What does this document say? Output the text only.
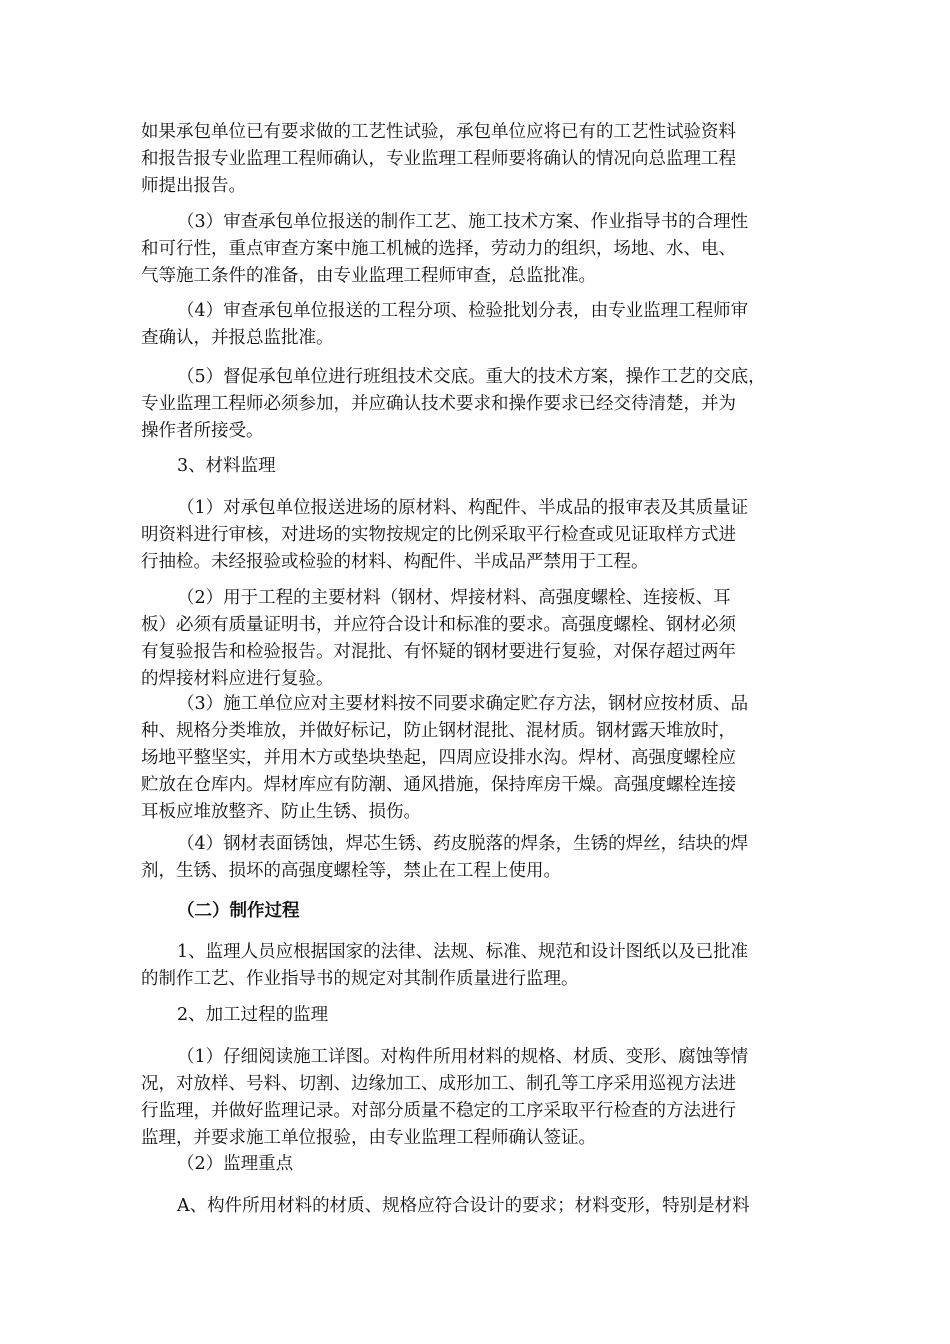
如果承包单位已有要求做的工艺性试验，承包单位应将已有的工艺性试验资料
和报告报专业监理工程师确认，专业监理工程师要将确认的情况向总监理工程
师提出报告。
（3）审查承包单位报送的制作工艺、施工技术方案、作业指导书的合理性
和可行性，重点审查方案中施工机械的选择，劳动力的组织，场地、水、电、
气等施工条件的准备，由专业监理工程师审查，总监批准。
（4）审查承包单位报送的工程分项、检验批划分表，由专业监理工程师审
查确认，并报总监批准。
（5）督促承包单位进行班组技术交底。重大的技术方案，操作工艺的交底，
专业监理工程师必须参加，并应确认技术要求和操作要求已经交待清楚，并为
操作者所接受。
3、材料监理
（1）对承包单位报送进场的原材料、构配件、半成品的报审表及其质量证
明资料进行审核，对进场的实物按规定的比例采取平行检查或见证取样方式进
行抽检。未经报验或检验的材料、构配件、半成品严禁用于工程。
（2）用于工程的主要材料（钢材、焊接材料、高强度螺栓、连接板、耳
板）必须有质量证明书，并应符合设计和标准的要求。高强度螺栓、钢材必须
有复验报告和检验报告。对混批、有怀疑的钢材要进行复验，对保存超过两年
的焊接材料应进行复验。
（3）施工单位应对主要材料按不同要求确定贮存方法，钢材应按材质、品
种、规格分类堆放，并做好标记，防止钢材混批、混材质。钢材露天堆放时，
场地平整坚实，并用木方或垫块垫起，四周应设排水沟。焊材、高强度螺栓应
贮放在仓库内。焊材库应有防潮、通风措施，保持库房干燥。高强度螺栓连接
耳板应堆放整齐、防止生锈、损伤。
（4）钢材表面锈蚀，焊芯生锈、药皮脱落的焊条，生锈的焊丝，结块的焊
剂，生锈、损坏的高强度螺栓等，禁止在工程上使用。
（二）制作过程
1、监理人员应根据国家的法律、法规、标准、规范和设计图纸以及已批准
的制作工艺、作业指导书的规定对其制作质量进行监理。
2、加工过程的监理
（1）仔细阅读施工详图。对构件所用材料的规格、材质、变形、腐蚀等情
况，对放样、号料、切割、边缘加工、成形加工、制孔等工序采用巡视方法进
行监理，并做好监理记录。对部分质量不稳定的工序采取平行检查的方法进行
监理，并要求施工单位报验，由专业监理工程师确认签证。
（2）监理重点
A、构件所用材料的材质、规格应符合设计的要求；材料变形，特别是材料
